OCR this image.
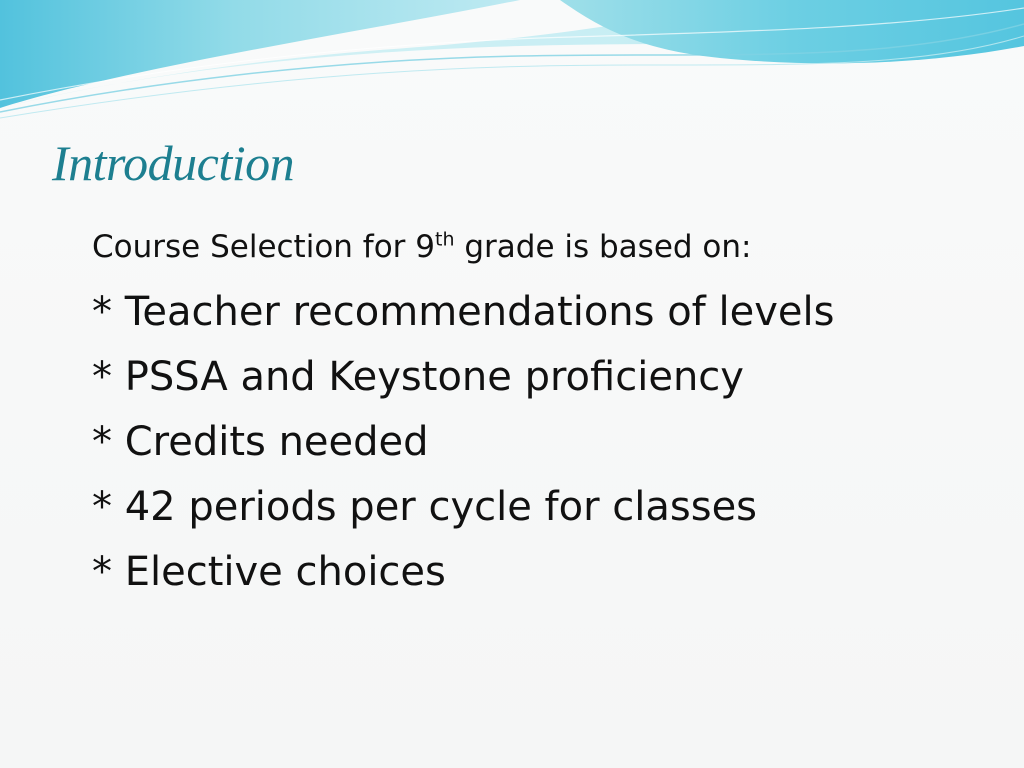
Introduction
Course Selection for 9th grade is based on:
* Teacher recommendations of levels
* PSSA and Keystone proficiency
* Credits needed
* 42 periods per cycle for classes
* Elective choices
